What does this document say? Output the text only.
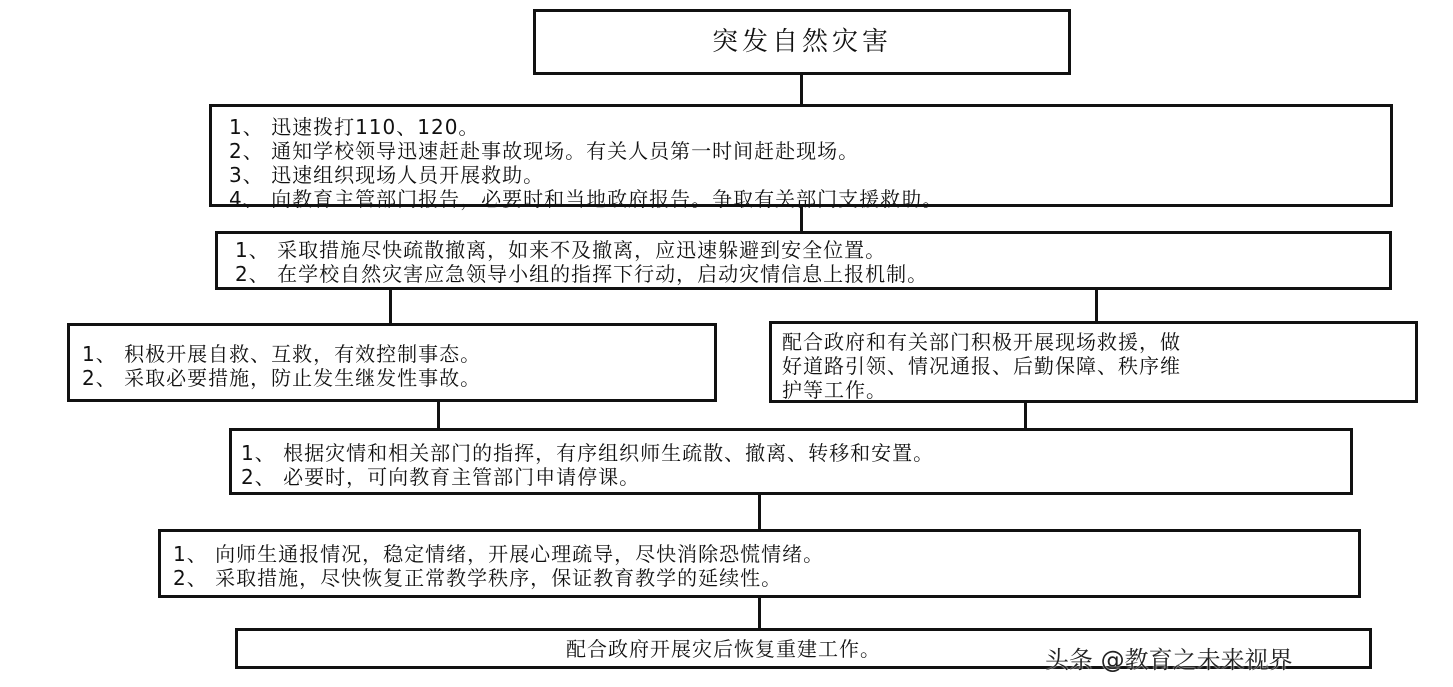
突发自然灾害
1、 迅速拨打110、120。
2、 通知学校领导迅速赶赴事故现场。有关人员第一时间赶赴现场。
3、 迅速组织现场人员开展救助。
4、 向教育主管部门报告，必要时和当地政府报告。争取有关部门支援救助。
1、 采取措施尽快疏散撤离，如来不及撤离，应迅速躲避到安全位置。
2、 在学校自然灾害应急领导小组的指挥下行动，启动灾情信息上报机制。
1、 积极开展自救、互救，有效控制事态。
2、 采取必要措施，防止发生继发性事故。
配合政府和有关部门积极开展现场救援，做
好道路引领、情况通报、后勤保障、秩序维
护等工作。
1、 根据灾情和相关部门的指挥，有序组织师生疏散、撤离、转移和安置。
2、 必要时，可向教育主管部门申请停课。
1、 向师生通报情况，稳定情绪，开展心理疏导，尽快消除恐慌情绪。
2、 采取措施，尽快恢复正常教学秩序，保证教育教学的延续性。
配合政府开展灾后恢复重建工作。	头条 @教育之未来视界
